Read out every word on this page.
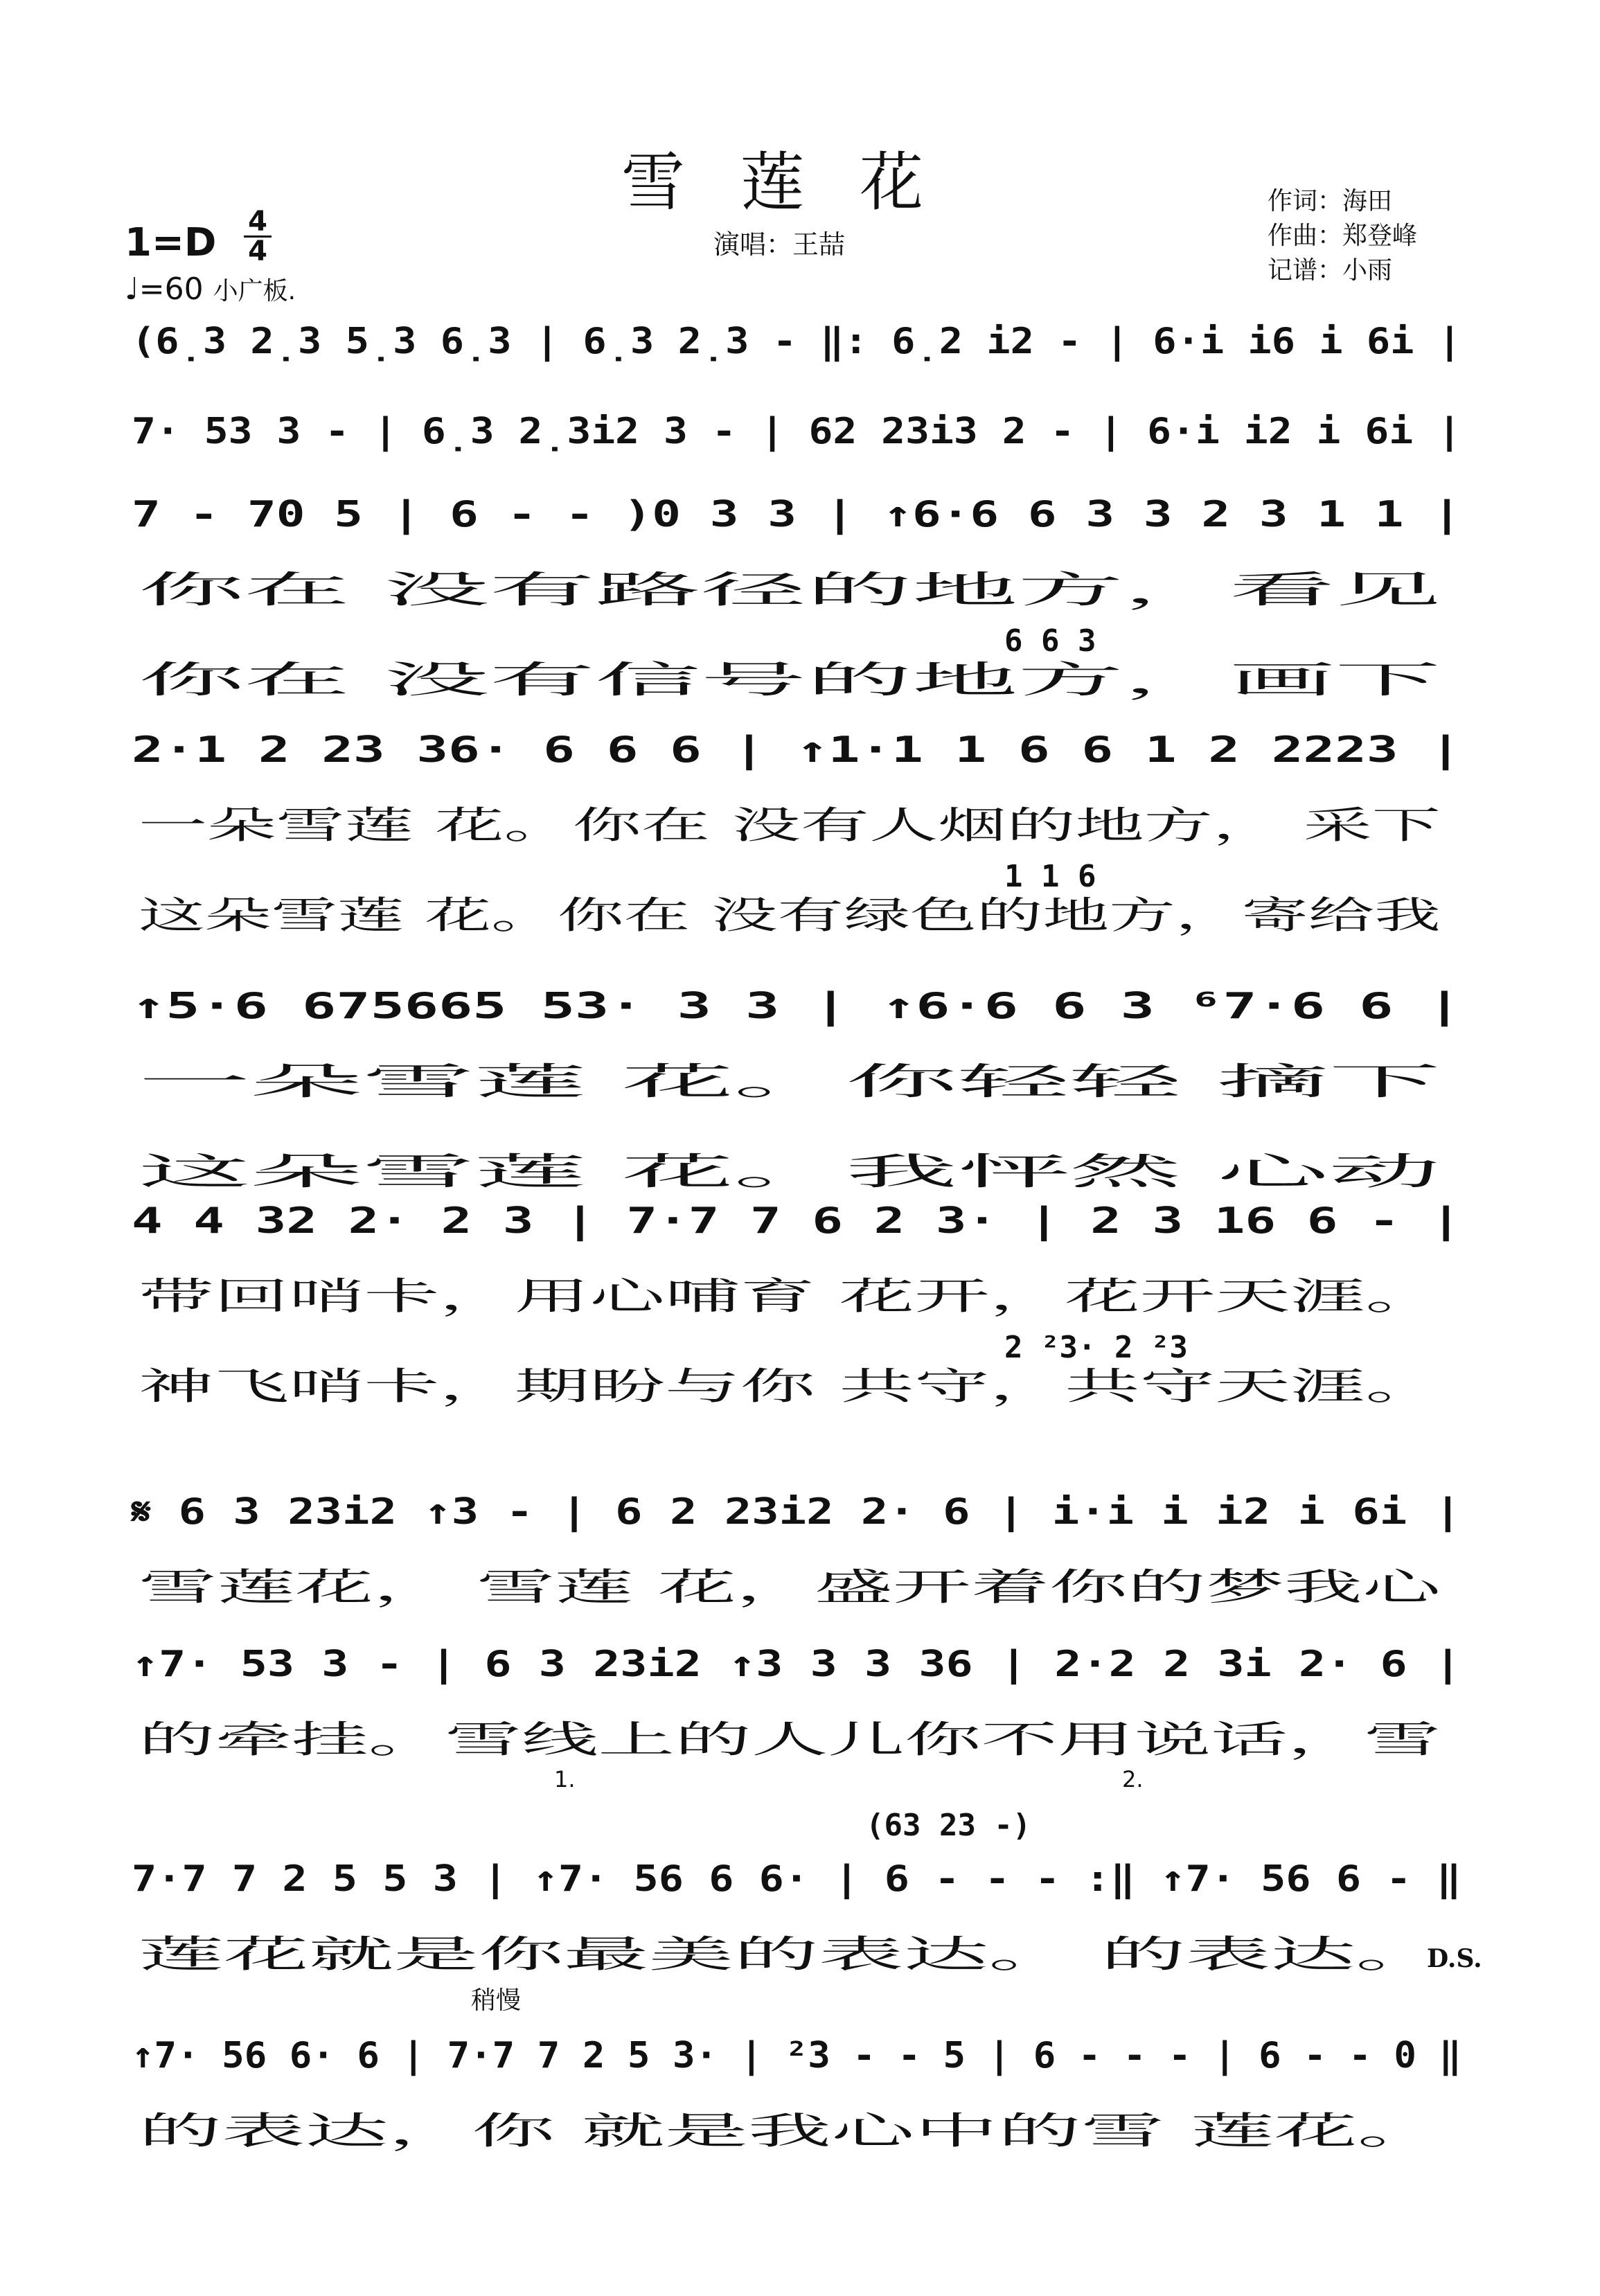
雪莲花	作词：海田
作曲：郑登峰
记谱：小雨
1=D 4
4
♩=60 小广板.
演唱：王喆
(6̣3 2̣3 5̣3 6̣3 | 6̣3 2̣3 - ‖: 6̣2 i2 - | 6·i i6 i 6i |
7· 53 3 - | 6̣3 2̣3i2 3 - | 62 23i3 2 - | 6·i i2 i 6i |
7 - 70 5 | 6 - - )0 3 3 | ↑6·6 6 3 3 2 3 1 1 |
你在 没有路径的地方，看见
你在 没有信号的地方，画下
6 6 3
2·1 2 23 36· 6 6 6 | ↑1·1 1 6 6 1 2 2223 |
一朵雪莲 花。你在 没有人烟的地方， 采下
这朵雪莲 花。你在 没有绿色的地方，寄给我
1 1 6
↑5·6 675665 53· 3 3 | ↑6·6 6 3 ⁶7·6 6 |
一朵雪莲 花。你轻轻 摘下
这朵雪莲 花。我怦然 心动
4 4 32 2· 2 3 | 7·7 7 6 2 3· | 2 3 16 6 - |
带回哨卡，用心哺育 花开，花开天涯。
神飞哨卡，期盼与你 共守，共守天涯。
2 ²3· 2 ²3
𝄋 6 3 23i2 ↑3 - | 6 2 23i2 2· 6 | i·i i i2 i 6i |
雪莲花， 雪莲 花，盛开着你的梦我心
↑7· 53 3 - | 6 3 23i2 ↑3 3 3 36 | 2·2 2 3i 2· 6 |
的牵挂。雪线上的人儿你不用说话，雪
7·7 7 2 5 5 3 | ↑7· 56 6 6· | 6 - - - :‖ ↑7· 56 6 - ‖
莲花就是你最美的表达。 的表达。
1.	2.
(63 23 -)
D.S.
↑7· 56 6· 6 | 7·7 7 2 5 3· | ²3 - - 5 | 6 - - - | 6 - - 0 ‖
的表达，你 就是我心中的雪 莲花。
稍慢
